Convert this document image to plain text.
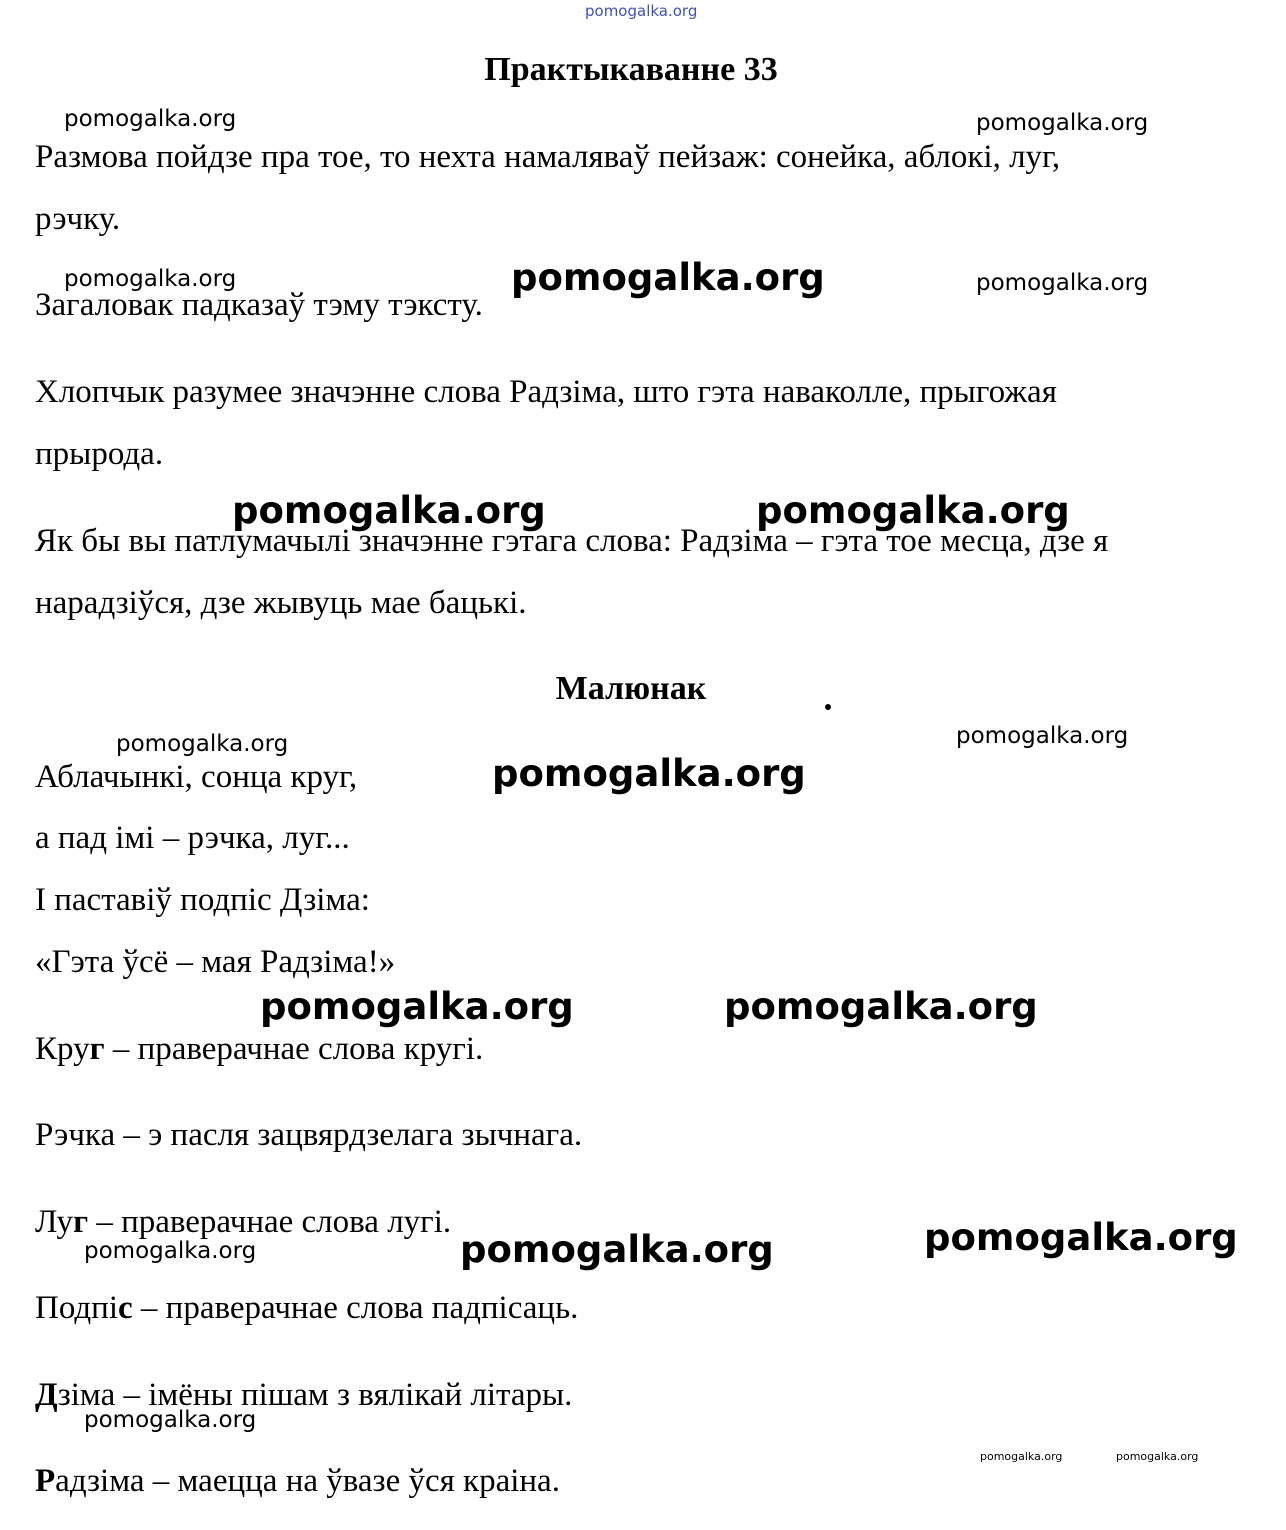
pomogalka.org
Практыкаванне 33
Размова пойдзе пра тое, то нехта намаляваў пейзаж: сонейка, аблокі, луг,
рэчку.
Загаловак падказаў тэму тэксту.
Хлопчык разумее значэнне слова Радзіма, што гэта наваколле, прыгожая
прырода.
Як бы вы патлумачылі значэнне гэтага слова: Радзіма – гэта тое месца, дзе я
нарадзіўся, дзе жывуць мае бацькі.
Малюнак
Аблачынкі, сонца круг,
а пад імі – рэчка, луг...
І паставіў подпіс Дзіма:
«Гэта ўсё – мая Радзіма!»
Круг – праверачнае слова кругі.
Рэчка – э пасля зацвярдзелага зычнага.
Луг – праверачнае слова лугі.
Подпіс – праверачнае слова падпісаць.
Дзіма – імёны пішам з вялікай літары.
Радзіма – маецца на ўвазе ўся краіна.
pomogalka.org	pomogalka.org
pomogalka.org	pomogalka.org	pomogalka.org
pomogalka.org	pomogalka.org
pomogalka.org	pomogalka.org
pomogalka.org
pomogalka.org	pomogalka.org
pomogalka.org	pomogalka.org	pomogalka.org
pomogalka.org
pomogalka.org	pomogalka.org
